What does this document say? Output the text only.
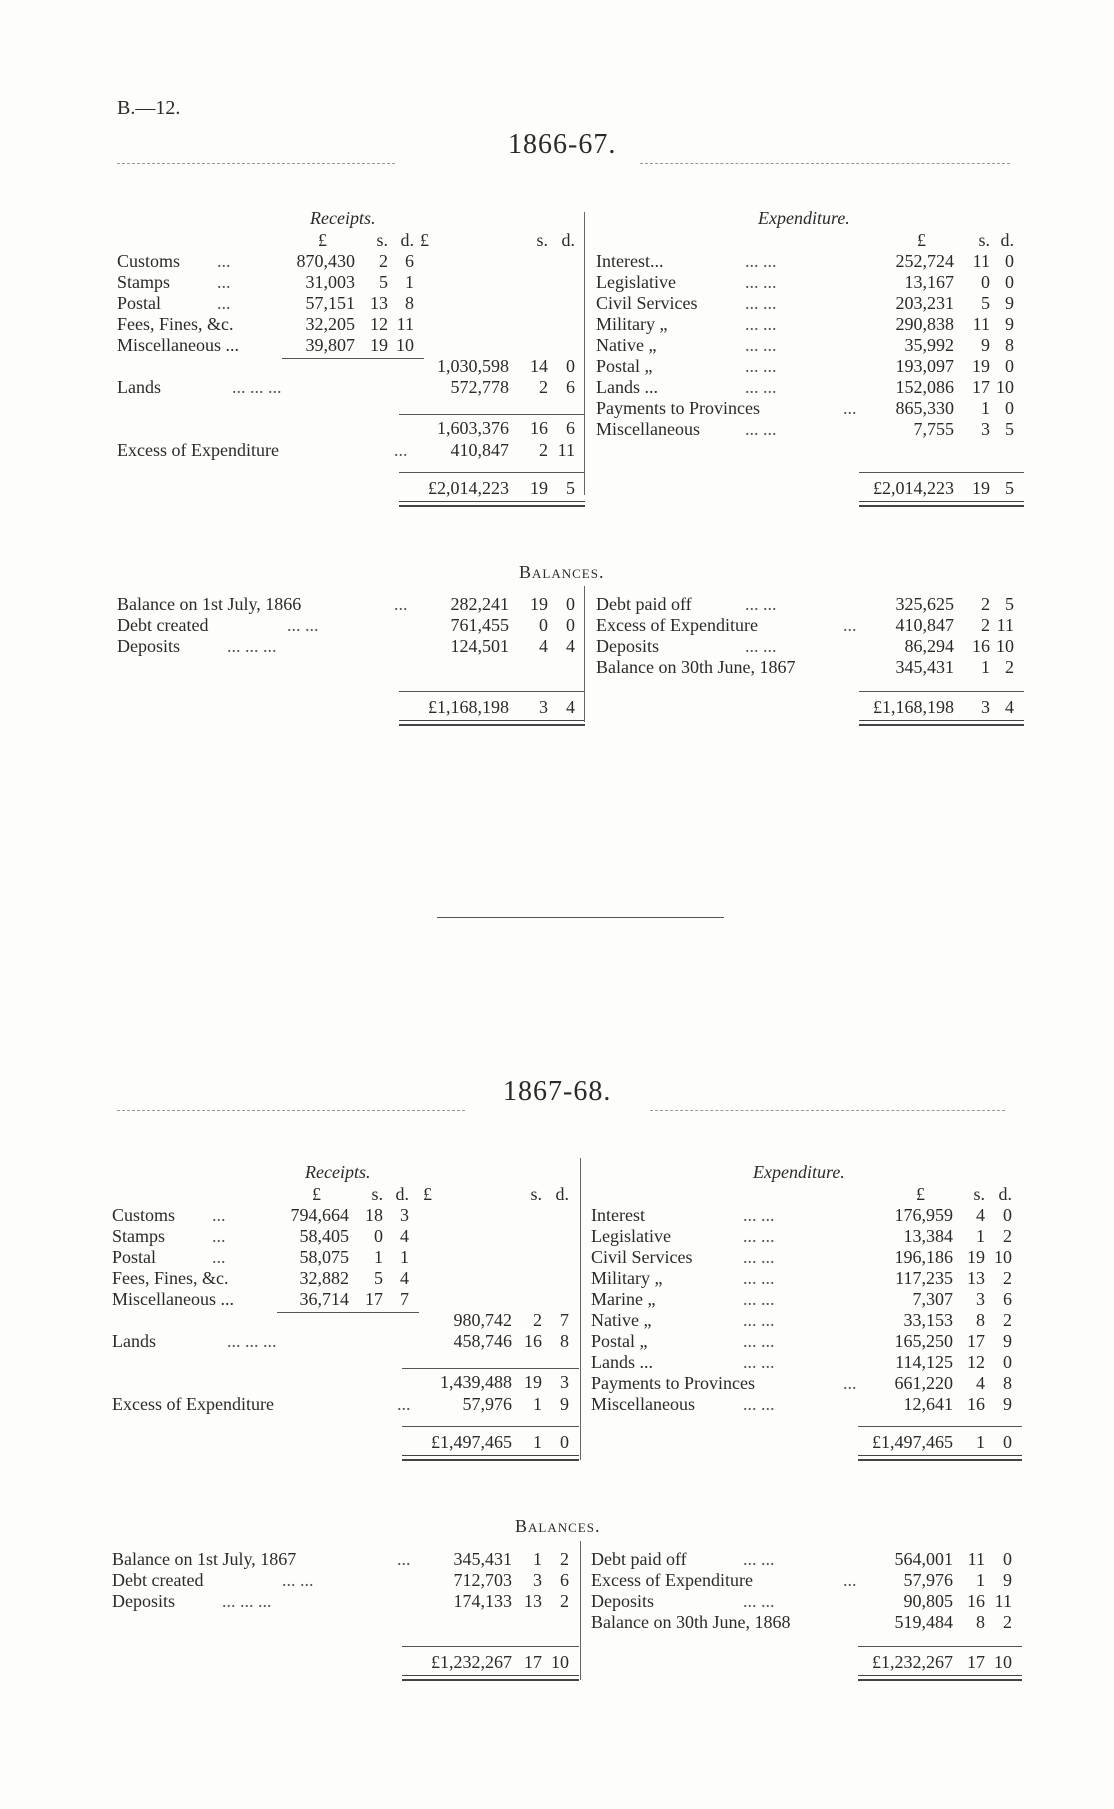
B.—12.
1866-67.
Receipts.
£	s. d. £	s. d.
Customs ...	870,430	2 6
Stamps	...	31,003	5 1
Postal	...	57,151 13 8
Fees, Fines, &c.	32,205 12 11
Miscellaneous ...	39,807 19 10
1,030,598	14	0
Lands	... ... ...	572,778	2	6
1,603,376	16	6
Excess of Expenditure	...	410,847	2 11
£2,014,223	19	5
Expenditure.
£	s. d.
Interest...	... ...	252,724	11 0
Legislative	... ...	13,167	0 0
Civil Services	... ...	203,231	5 9
Military „	... ...	290,838	11 9
Native „	... ...	35,992	9 8
Postal „	... ...	193,097	19 0
Lands ...	... ...	152,086	17 10
Payments to Provinces	...	865,330	1 0
Miscellaneous	... ...	7,755	3 5
£2,014,223	19 5
Balances.
Balance on 1st July, 1866	...	282,241	19	0
Debt created	... ...	761,455	0	0
Deposits	... ... ...	124,501	4	4
£1,168,198	3	4
Debt paid off	... ...	325,625	2 5
Excess of Expenditure	...	410,847	2 11
Deposits	... ...	86,294	16 10
Balance on 30th June, 1867	345,431	1 2
£1,168,198	3 4
1867-68.
Receipts.
£	s. d. £	s. d.
Customs ...	794,664 18 3
Stamps	...	58,405	0 4
Postal	...	58,075	1 1
Fees, Fines, &c.	32,882	5 4
Miscellaneous ...	36,714 17 7
980,742	2	7
Lands	... ... ...	458,746 16	8
1,439,488 19	3
Excess of Expenditure	...	57,976	1	9
£1,497,465	1	0
Expenditure.
£	s. d.
Interest	... ...	176,959	4	0
Legislative	... ...	13,384	1	2
Civil Services	... ...	196,186 19 10
Military „	... ...	117,235 13	2
Marine „	... ...	7,307	3	6
Native „	... ...	33,153	8	2
Postal „	... ...	165,250 17	9
Lands ...	... ...	114,125 12	0
Payments to Provinces	...	661,220	4	8
Miscellaneous	... ...	12,641 16	9
£1,497,465	1	0
Balances.
Balance on 1st July, 1867	...	345,431	1	2
Debt created	... ...	712,703	3	6
Deposits	... ... ...	174,133 13	2
£1,232,267 17 10
Debt paid off	... ...	564,001 11	0
Excess of Expenditure	...	57,976	1	9
Deposits	... ...	90,805 16 11
Balance on 30th June, 1868	519,484	8	2
£1,232,267 17 10
